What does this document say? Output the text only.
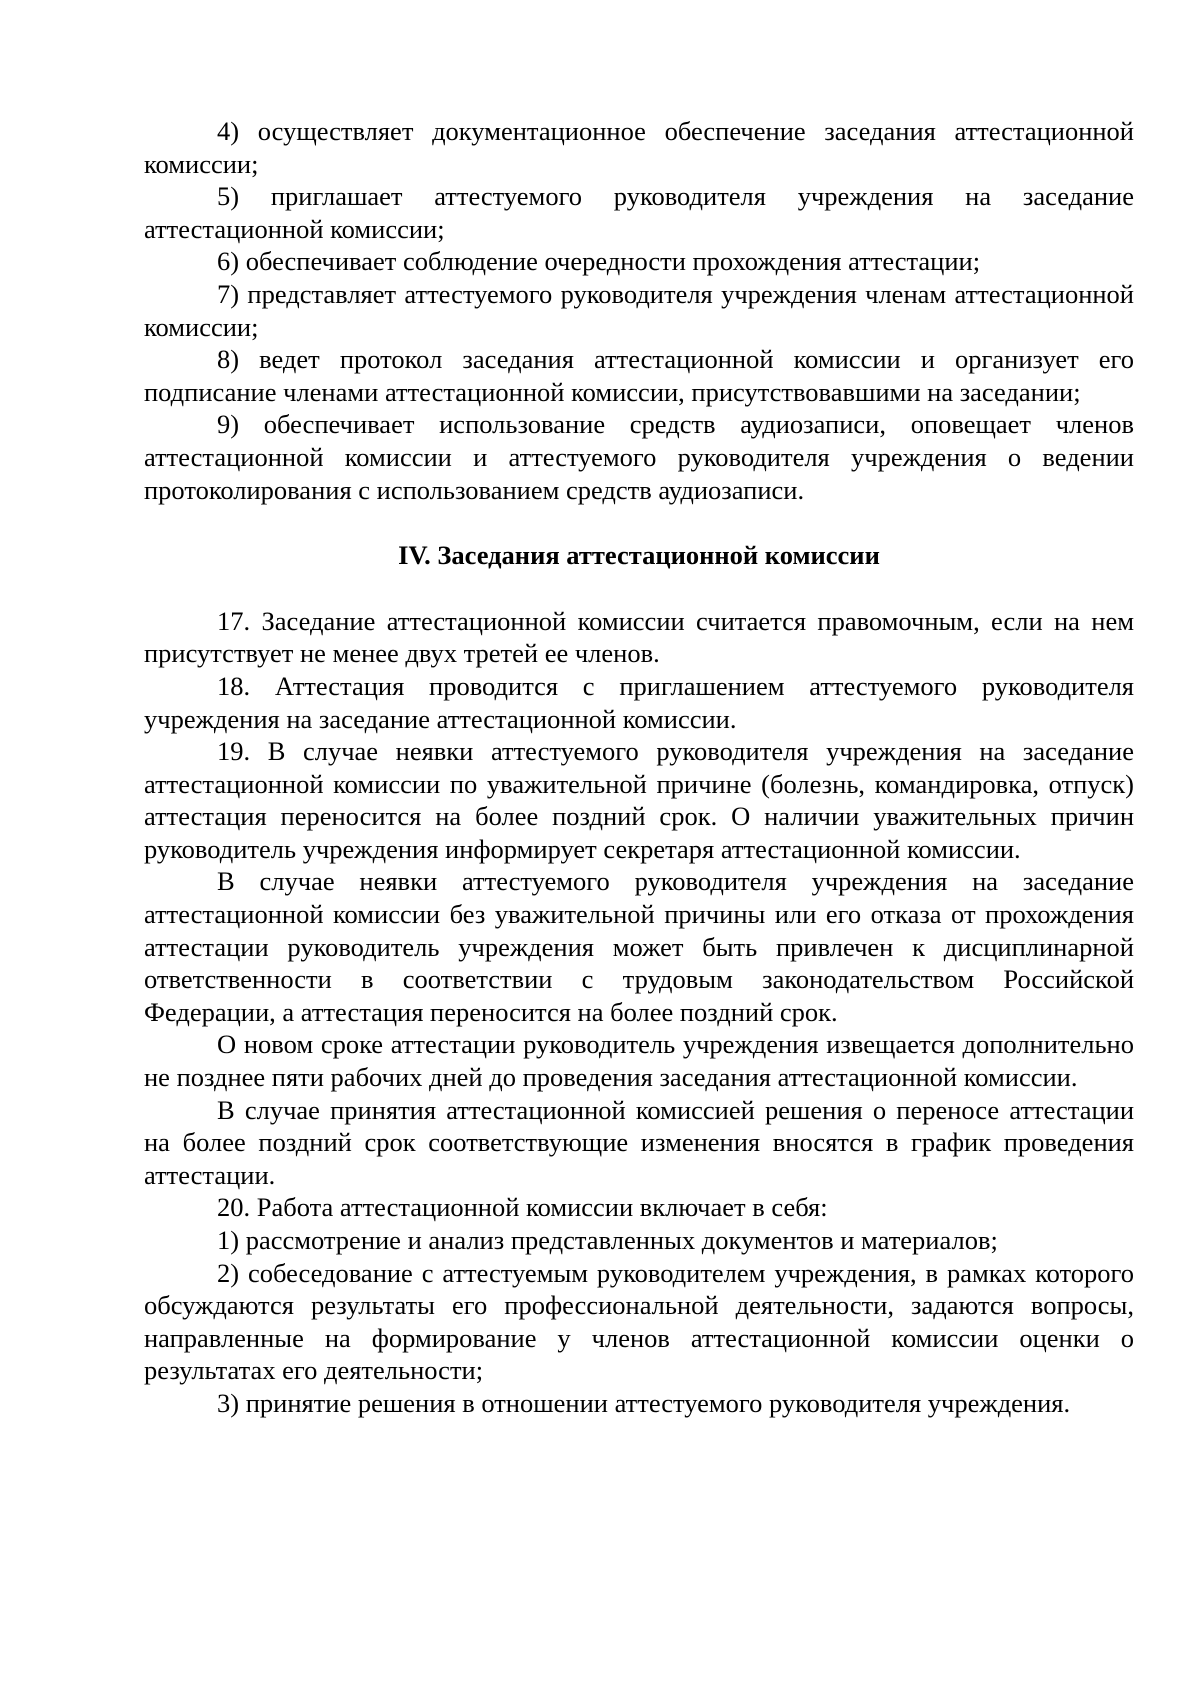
4) осуществляет документационное обеспечение заседания аттестационной комиссии;

5) приглашает аттестуемого руководителя учреждения на заседание аттестационной комиссии;

6) обеспечивает соблюдение очередности прохождения аттестации;

7) представляет аттестуемого руководителя учреждения членам аттестационной комиссии;

8) ведет протокол заседания аттестационной комиссии и организует его подписание членами аттестационной комиссии, присутствовавшими на заседании;

9) обеспечивает использование средств аудиозаписи, оповещает членов аттестационной комиссии и аттестуемого руководителя учреждения о ведении протоколирования с использованием средств аудиозаписи.

IV. Заседания аттестационной комиссии

17. Заседание аттестационной комиссии считается правомочным, если на нем присутствует не менее двух третей ее членов.

18. Аттестация проводится с приглашением аттестуемого руководителя учреждения на заседание аттестационной комиссии.

19. В случае неявки аттестуемого руководителя учреждения на заседание аттестационной комиссии по уважительной причине (болезнь, командировка, отпуск) аттестация переносится на более поздний срок. О наличии уважительных причин руководитель учреждения информирует секретаря аттестационной комиссии.

В случае неявки аттестуемого руководителя учреждения на заседание аттестационной комиссии без уважительной причины или его отказа от прохождения аттестации руководитель учреждения может быть привлечен к дисциплинарной ответственности в соответствии с трудовым законодательством Российской Федерации, а аттестация переносится на более поздний срок.

О новом сроке аттестации руководитель учреждения извещается дополнительно не позднее пяти рабочих дней до проведения заседания аттестационной комиссии.

В случае принятия аттестационной комиссией решения о переносе аттестации на более поздний срок соответствующие изменения вносятся в график проведения аттестации.

20. Работа аттестационной комиссии включает в себя:

1) рассмотрение и анализ представленных документов и материалов;

2) собеседование с аттестуемым руководителем учреждения, в рамках которого обсуждаются результаты его профессиональной деятельности, задаются вопросы, направленные на формирование у членов аттестационной комиссии оценки о результатах его деятельности;

3) принятие решения в отношении аттестуемого руководителя учреждения.
